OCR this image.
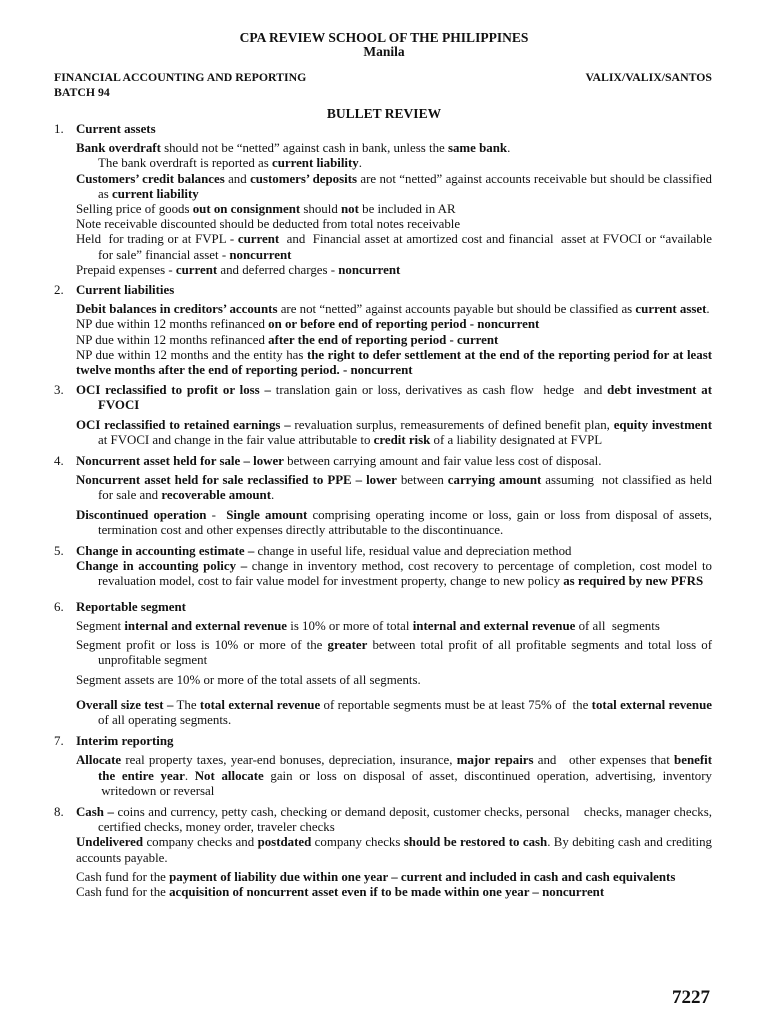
CPA REVIEW SCHOOL OF THE PHILIPPINES
Manila
FINANCIAL ACCOUNTING AND REPORTING	VALIX/VALIX/SANTOS
BATCH 94
BULLET REVIEW
1. Current assets
Bank overdraft should not be “netted” against cash in bank, unless the same bank.
The bank overdraft is reported as current liability.
Customers’ credit balances and customers’ deposits are not “netted” against accounts receivable but should be classified as current liability
Selling price of goods out on consignment should not be included in AR
Note receivable discounted should be deducted from total notes receivable
Held  for trading or at FVPL - current  and  Financial asset at amortized cost and financial  asset at FVOCI or “available for sale” financial asset - noncurrent
Prepaid expenses - current and deferred charges - noncurrent
2. Current liabilities
Debit balances in creditors’ accounts are not “netted” against accounts payable but should be classified as current asset.
NP due within 12 months refinanced on or before end of reporting period - noncurrent
NP due within 12 months refinanced after the end of reporting period - current
NP due within 12 months and the entity has the right to defer settlement at the end of the reporting period for at least twelve months after the end of reporting period. - noncurrent
3. OCI reclassified to profit or loss – translation gain or loss, derivatives as cash flow  hedge  and debt investment at FVOCI
OCI reclassified to retained earnings – revaluation surplus, remeasurements of defined benefit plan, equity investment at FVOCI and change in the fair value attributable to credit risk of a liability designated at FVPL
4. Noncurrent asset held for sale – lower between carrying amount and fair value less cost of disposal.
Noncurrent asset held for sale reclassified to PPE – lower between carrying amount assuming  not classified as held for sale and recoverable amount.
Discontinued operation -  Single amount comprising operating income or loss, gain or loss from disposal of assets, termination cost and other expenses directly attributable to the discontinuance.
5. Change in accounting estimate – change in useful life, residual value and depreciation method
Change in accounting policy – change in inventory method, cost recovery to percentage of completion, cost model to revaluation model, cost to fair value model for investment property, change to new policy as required by new PFRS
6. Reportable segment
Segment internal and external revenue is 10% or more of total internal and external revenue of all  segments
Segment profit or loss is 10% or more of the greater between total profit of all profitable segments and total loss of unprofitable segment
Segment assets are 10% or more of the total assets of all segments.
Overall size test – The total external revenue of reportable segments must be at least 75% of  the total external revenue of all operating segments.
7. Interim reporting
Allocate real property taxes, year-end bonuses, depreciation, insurance, major repairs and   other expenses that benefit the entire year. Not allocate gain or loss on disposal of asset, discontinued operation, advertising, inventory  writedown or reversal
8. Cash – coins and currency, petty cash, checking or demand deposit, customer checks, personal    checks, manager checks, certified checks, money order, traveler checks
Undelivered company checks and postdated company checks should be restored to cash. By debiting cash and crediting accounts payable.
Cash fund for the payment of liability due within one year – current and included in cash and cash equivalents
Cash fund for the acquisition of noncurrent asset even if to be made within one year – noncurrent
7227
